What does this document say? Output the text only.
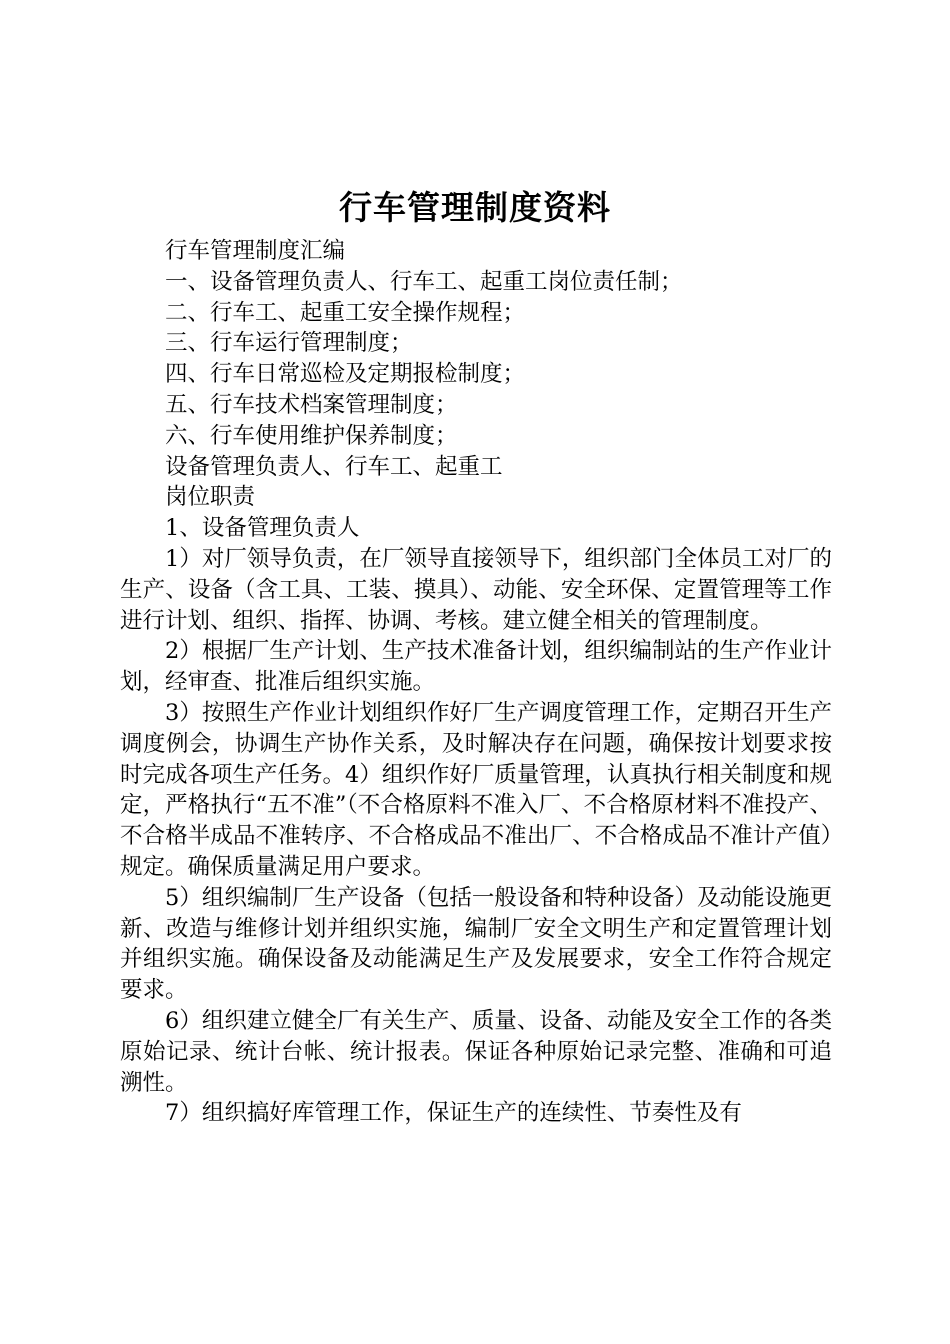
行车管理制度资料

行车管理制度汇编

一、设备管理负责人、行车工、起重工岗位责任制；

二、行车工、起重工安全操作规程；

三、行车运行管理制度；

四、行车日常巡检及定期报检制度；

五、行车技术档案管理制度；

六、行车使用维护保养制度；

设备管理负责人、行车工、起重工

岗位职责

1、设备管理负责人

1）对厂领导负责，在厂领导直接领导下，组织部门全体员工对厂的生产、设备（含工具、工装、摸具）、动能、安全环保、定置管理等工作进行计划、组织、指挥、协调、考核。建立健全相关的管理制度。

2）根据厂生产计划、生产技术准备计划，组织编制站的生产作业计划，经审查、批准后组织实施。

3）按照生产作业计划组织作好厂生产调度管理工作，定期召开生产调度例会，协调生产协作关系，及时解决存在问题，确保按计划要求按时完成各项生产任务。4）组织作好厂质量管理，认真执行相关制度和规定，严格执行“五不准”（不合格原料不准入厂、不合格原材料不准投产、不合格半成品不准转序、不合格成品不准出厂、不合格成品不准计产值）规定。确保质量满足用户要求。

5）组织编制厂生产设备（包括一般设备和特种设备）及动能设施更新、改造与维修计划并组织实施，编制厂安全文明生产和定置管理计划并组织实施。确保设备及动能满足生产及发展要求，安全工作符合规定要求。

6）组织建立健全厂有关生产、质量、设备、动能及安全工作的各类原始记录、统计台帐、统计报表。保证各种原始记录完整、准确和可追溯性。

7）组织搞好库管理工作，保证生产的连续性、节奏性及有
